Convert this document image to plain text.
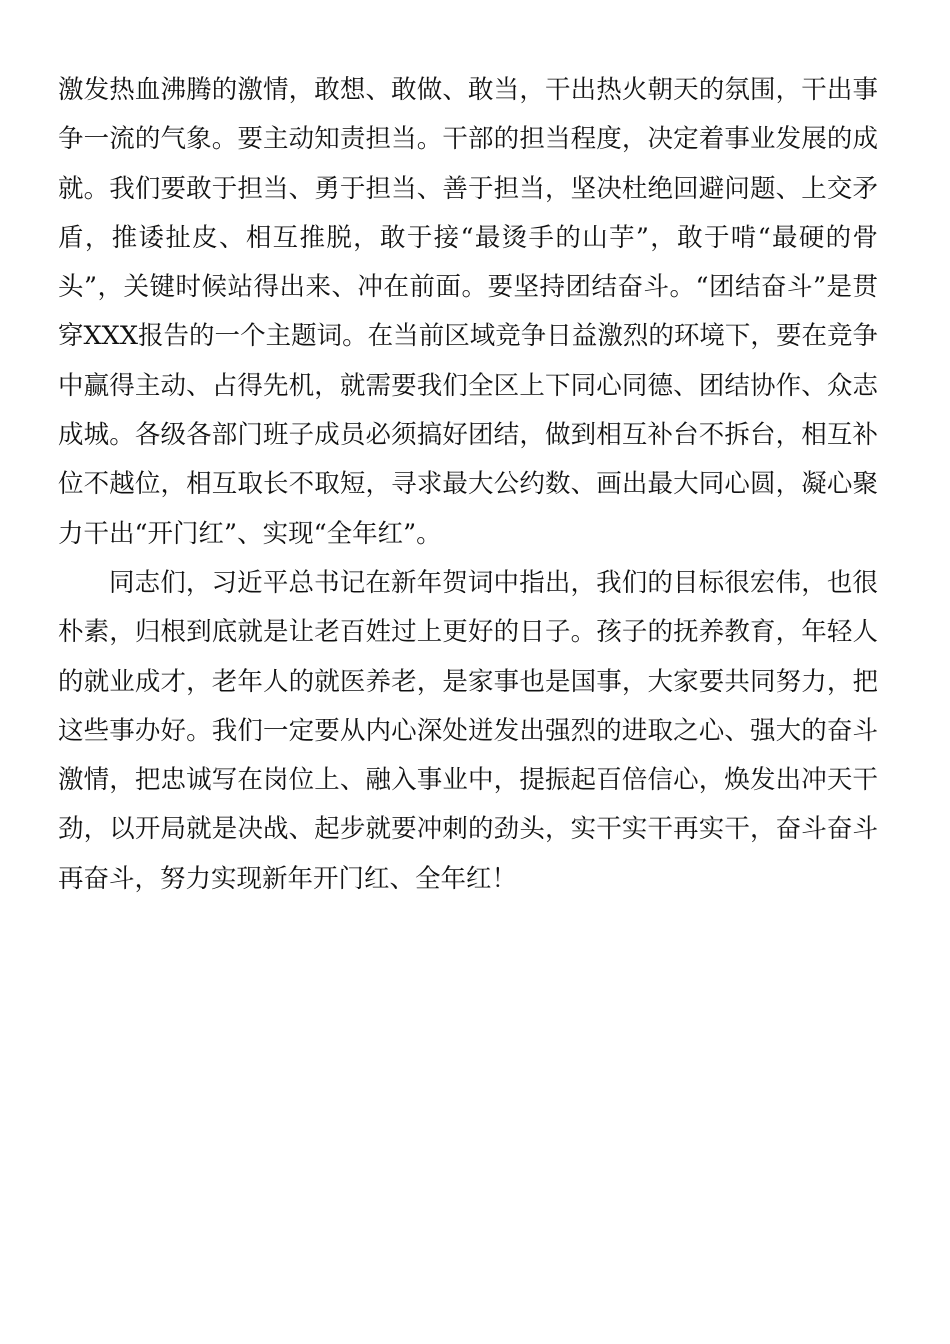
激发热血沸腾的激情，敢想、敢做、敢当，干出热火朝天的氛围，干出事争一流的气象。要主动知责担当。干部的担当程度，决定着事业发展的成就。我们要敢于担当、勇于担当、善于担当，坚决杜绝回避问题、上交矛盾，推诿扯皮、相互推脱，敢于接“最烫手的山芋”，敢于啃“最硬的骨头”，关键时候站得出来、冲在前面。要坚持团结奋斗。“团结奋斗”是贯穿XXX报告的一个主题词。在当前区域竞争日益激烈的环境下，要在竞争中赢得主动、占得先机，就需要我们全区上下同心同德、团结协作、众志成城。各级各部门班子成员必须搞好团结，做到相互补台不拆台，相互补位不越位，相互取长不取短，寻求最大公约数、画出最大同心圆，凝心聚力干出“开门红”、实现“全年红”。

同志们，习近平总书记在新年贺词中指出，我们的目标很宏伟，也很朴素，归根到底就是让老百姓过上更好的日子。孩子的抚养教育，年轻人的就业成才，老年人的就医养老，是家事也是国事，大家要共同努力，把这些事办好。我们一定要从内心深处迸发出强烈的进取之心、强大的奋斗激情，把忠诚写在岗位上、融入事业中，提振起百倍信心，焕发出冲天干劲，以开局就是决战、起步就要冲刺的劲头，实干实干再实干，奋斗奋斗再奋斗，努力实现新年开门红、全年红！
